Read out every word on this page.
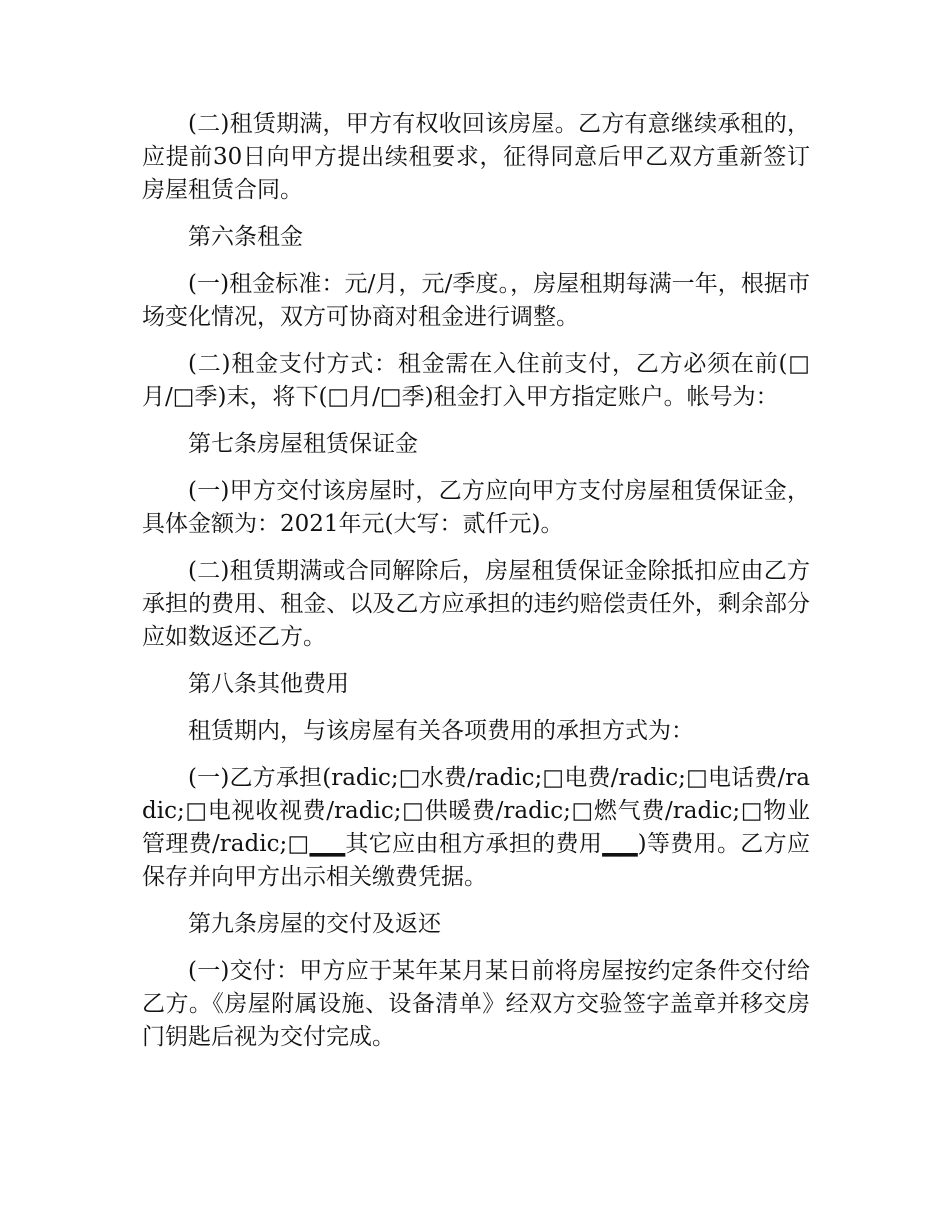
(二)租赁期满，甲方有权收回该房屋。乙方有意继续承租的，应提前30日向甲方提出续租要求，征得同意后甲乙双方重新签订房屋租赁合同。

第六条租金

(一)租金标准：元/月，元/季度。，房屋租期每满一年，根据市场变化情况，双方可协商对租金进行调整。

(二)租金支付方式：租金需在入住前支付，乙方必须在前(□月/□季)末，将下(□月/□季)租金打入甲方指定账户。帐号为：

第七条房屋租赁保证金

(一)甲方交付该房屋时，乙方应向甲方支付房屋租赁保证金，具体金额为：2021年元(大写：贰仟元)。

(二)租赁期满或合同解除后，房屋租赁保证金除抵扣应由乙方承担的费用、租金、以及乙方应承担的违约赔偿责任外，剩余部分应如数返还乙方。

第八条其他费用

租赁期内，与该房屋有关各项费用的承担方式为：

(一)乙方承担(radic;□水费/radic;□电费/radic;□电话费/radic;□电视收视费/radic;□供暖费/radic;□燃气费/radic;□物业管理费/radic;□▁▁其它应由租方承担的费用▁▁)等费用。乙方应保存并向甲方出示相关缴费凭据。

第九条房屋的交付及返还

(一)交付：甲方应于某年某月某日前将房屋按约定条件交付给乙方。《房屋附属设施、设备清单》经双方交验签字盖章并移交房门钥匙后视为交付完成。
